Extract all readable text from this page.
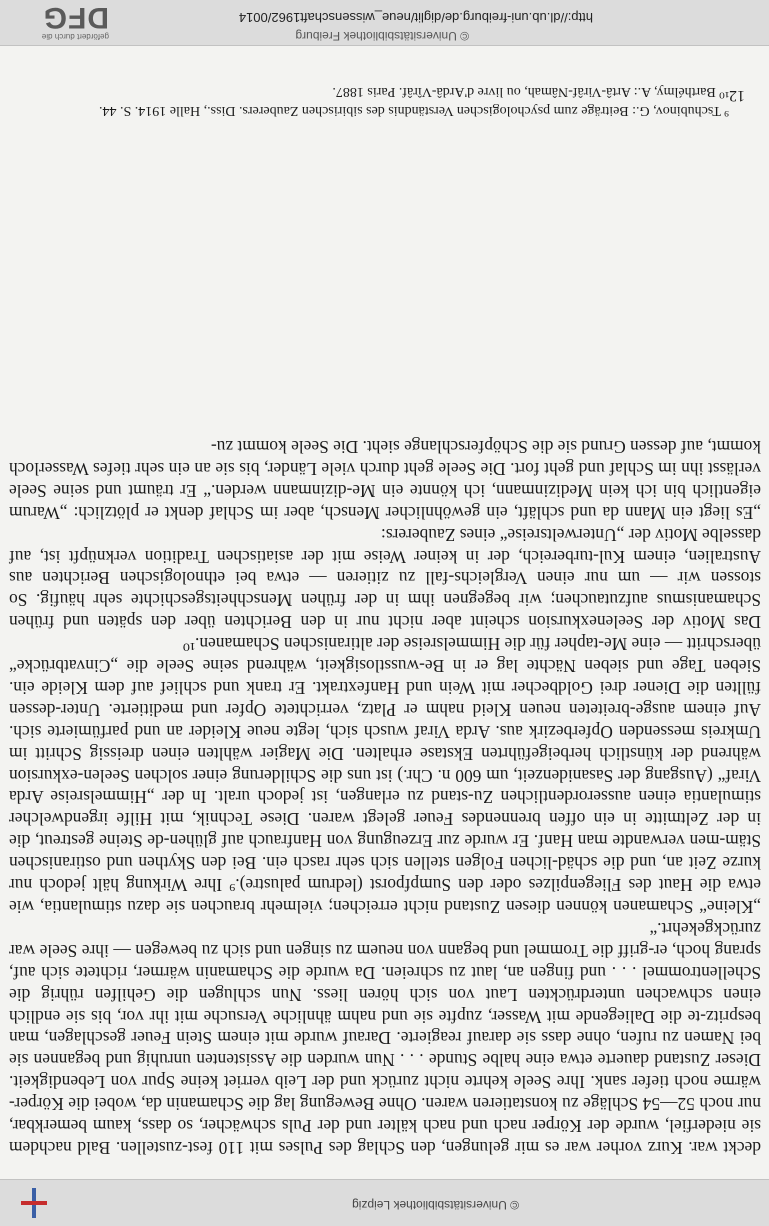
© Universitätsbibliothek Leipzig

deckt war. Kurz vorher war es mir gelungen, den Schlag des Pulses mit 110 fest-zustellen. Bald nachdem sie niederfiel, wurde der Körper nach und nach kälter und der Puls schwächer, so dass, kaum bemerkbar, nur noch 52—54 Schläge zu konstatieren waren. Ohne Bewegung lag die Schamanin da, wobei die Körper-wärme noch tiefer sank. Ihre Seele kehrte nicht zurück und der Leib verriet keine Spur von Lebendigkeit. Dieser Zustand dauerte etwa eine halbe Stunde . . . Nun wurden die Assistenten unruhig und begannen sie bei Namen zu rufen, ohne dass sie darauf reagierte. Darauf wurde mit einem Stein Feuer geschlagen, man bespritz-te die Daliegende mit Wasser, zupfte sie und nahm ähnliche Versuche mit ihr vor, bis sie endlich einen schwachen unterdrückten Laut von sich hören liess. Nun schlugen die Gehilfen rührig die Schellentrommel . . . und fingen an, laut zu schreien. Da wurde die Schamanin wärmer, richtete sich auf, sprang hoch, er-griff die Trommel und begann von neuem zu singen und sich zu bewegen — ihre Seele war zurückgekehrt.“

„Kleine“ Schamanen können diesen Zustand nicht erreichen; vielmehr brauchen sie dazu stimulantia, wie etwa die Haut des Fliegenpilzes oder den Sumpfporst (ledrum palustre).⁹ Ihre Wirkung hält jedoch nur kurze Zeit an, und die schäd-lichen Folgen stellen sich sehr rasch ein. Bei den Skythen und ostiranischen Stäm-men verwandte man Hanf. Er wurde zur Erzeugung von Hanfrauch auf glühen-de Steine gestreut, die in der Zeltmitte in ein offen brennendes Feuer gelegt waren. Diese Technik, mit Hilfe irgendwelcher stimulantia einen ausserordentlichen Zu-stand zu erlangen, ist jedoch uralt. In der „Himmelsreise Arda Viraf“ (Ausgang der Sasanidenzeit, um 600 n. Chr.) ist uns die Schilderung einer solchen Seelen-exkursion während der künstlich herbeigeführten Ekstase erhalten. Die Magier wählten einen dreissig Schritt im Umkreis messenden Opferbezirk aus. Arda Viraf wusch sich, legte neue Kleider an und parfümierte sich. Auf einem ausge-breiteten neuen Kleid nahm er Platz, verrichtete Opfer und meditierte. Unter-dessen füllten die Diener drei Goldbecher mit Wein und Hanfextrakt. Er trank und schlief auf dem Kleide ein. Sieben Tage und sieben Nächte lag er in Be-wusstlosigkeit, während seine Seele die „Cinvatbrücke“ überschritt — eine Me-tapher für die Himmelsreise der altiranischen Schamanen.¹⁰

Das Motiv der Seelenexkursion scheint aber nicht nur in den Berichten über den späten und frühen Schamanismus aufzutauchen; wir begegnen ihm in der frühen Menschheitsgeschichte sehr häufig. So stossen wir — um nur einen Vergleichs-fall zu zitieren — etwa bei ethnologischen Berichten aus Australien, einem Kul-turbereich, der in keiner Weise mit der asiatischen Tradition verknüpft ist, auf dasselbe Motiv der „Unterweltsreise“ eines Zauberers:

„Es liegt ein Mann da und schläft, ein gewöhnlicher Mensch, aber im Schlaf denkt er plötzlich: „Warum eigentlich bin ich kein Medizinmann, ich könnte ein Me-dizinmann werden.“ Er träumt und seine Seele verlässt ihn im Schlaf und geht fort. Die Seele geht durch viele Länder, bis sie an ein sehr tiefes Wasserloch kommt, auf dessen Grund sie die Schöpferschlange sieht. Die Seele kommt zu-

⁹ Tschubinov, G.: Beiträge zum psychologischen Verständnis des sibirischen Zauberers. Diss., Halle 1914. S. 44.

¹⁰ Barthélmy, A.: Artâ-Virâf-Nâmah, ou livre d'Ardâ-Vîrâf. Paris 1887. 12
© Universitätsbibliothek Freiburg
http://dl.ub.uni-freiburg.de/diglit/neue_wissenschaft1962/0014
gefördert durch die
DFG
